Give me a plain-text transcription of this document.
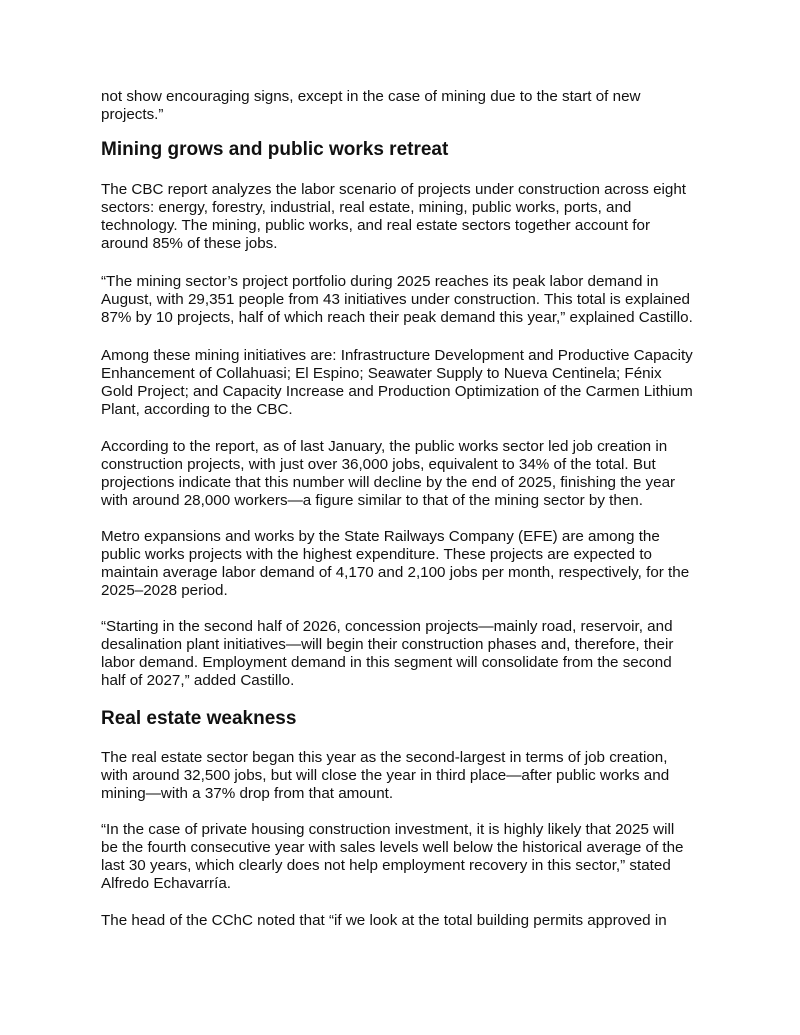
not show encouraging signs, except in the case of mining due to the start of new
projects.”
Mining grows and public works retreat
The CBC report analyzes the labor scenario of projects under construction across eight
sectors: energy, forestry, industrial, real estate, mining, public works, ports, and
technology. The mining, public works, and real estate sectors together account for
around 85% of these jobs.
“The mining sector’s project portfolio during 2025 reaches its peak labor demand in
August, with 29,351 people from 43 initiatives under construction. This total is explained
87% by 10 projects, half of which reach their peak demand this year,” explained Castillo.
Among these mining initiatives are: Infrastructure Development and Productive Capacity
Enhancement of Collahuasi; El Espino; Seawater Supply to Nueva Centinela; Fénix
Gold Project; and Capacity Increase and Production Optimization of the Carmen Lithium
Plant, according to the CBC.
According to the report, as of last January, the public works sector led job creation in
construction projects, with just over 36,000 jobs, equivalent to 34% of the total. But
projections indicate that this number will decline by the end of 2025, finishing the year
with around 28,000 workers—a figure similar to that of the mining sector by then.
Metro expansions and works by the State Railways Company (EFE) are among the
public works projects with the highest expenditure. These projects are expected to
maintain average labor demand of 4,170 and 2,100 jobs per month, respectively, for the
2025–2028 period.
“Starting in the second half of 2026, concession projects—mainly road, reservoir, and
desalination plant initiatives—will begin their construction phases and, therefore, their
labor demand. Employment demand in this segment will consolidate from the second
half of 2027,” added Castillo.
Real estate weakness
The real estate sector began this year as the second-largest in terms of job creation,
with around 32,500 jobs, but will close the year in third place—after public works and
mining—with a 37% drop from that amount.
“In the case of private housing construction investment, it is highly likely that 2025 will
be the fourth consecutive year with sales levels well below the historical average of the
last 30 years, which clearly does not help employment recovery in this sector,” stated
Alfredo Echavarría.
The head of the CChC noted that “if we look at the total building permits approved in
